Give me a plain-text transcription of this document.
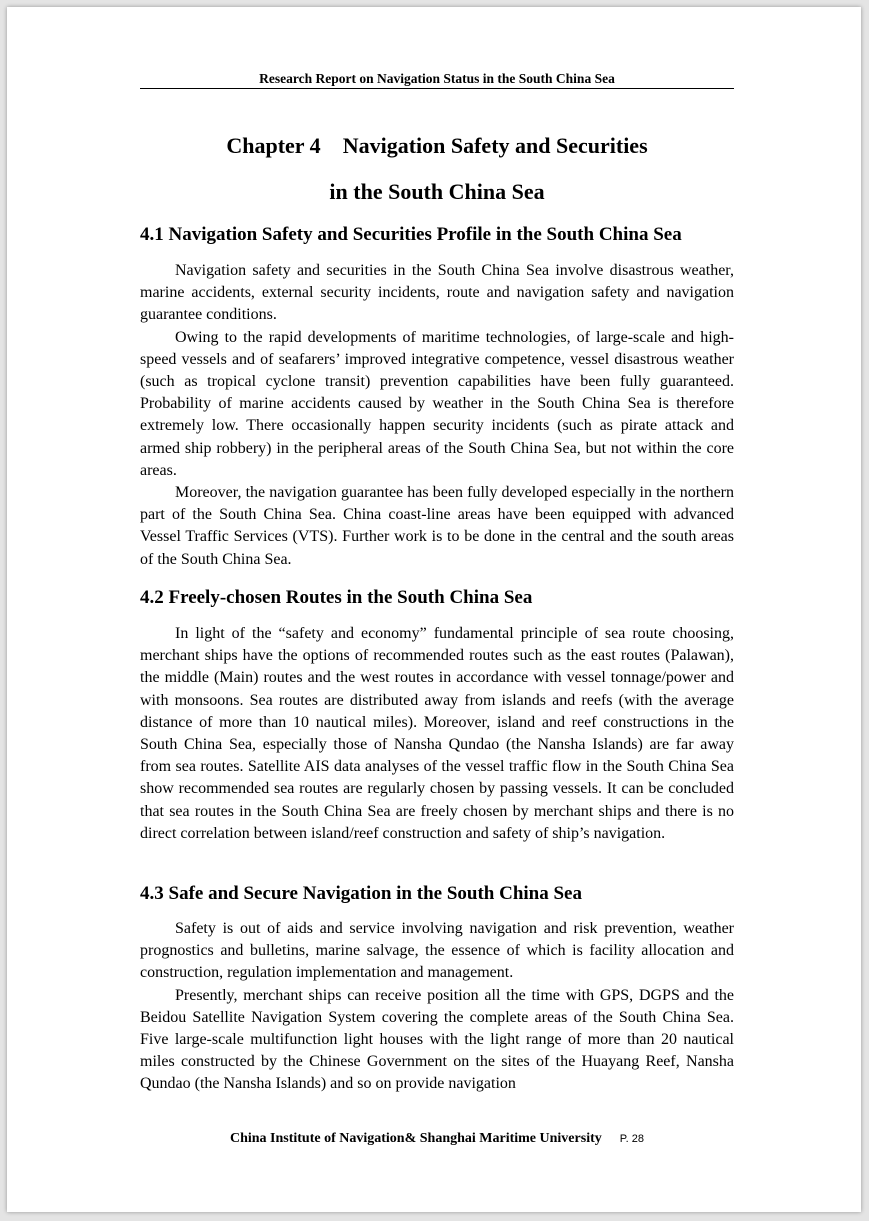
Research Report on Navigation Status in the South China Sea
Chapter 4 Navigation Safety and Securities
in the South China Sea
4.1 Navigation Safety and Securities Profile in the South China Sea

Navigation safety and securities in the South China Sea involve disastrous weather, marine accidents, external security incidents, route and navigation safety and navigation guarantee conditions.

Owing to the rapid developments of maritime technologies, of large-scale and high-speed vessels and of seafarers’ improved integrative competence, vessel disastrous weather (such as tropical cyclone transit) prevention capabilities have been fully guaranteed. Probability of marine accidents caused by weather in the South China Sea is therefore extremely low. There occasionally happen security incidents (such as pirate attack and armed ship robbery) in the peripheral areas of the South China Sea, but not within the core areas.

Moreover, the navigation guarantee has been fully developed especially in the northern part of the South China Sea. China coast-line areas have been equipped with advanced Vessel Traffic Services (VTS). Further work is to be done in the central and the south areas of the South China Sea.

4.2 Freely-chosen Routes in the South China Sea

In light of the “safety and economy” fundamental principle of sea route choosing, merchant ships have the options of recommended routes such as the east routes (Palawan), the middle (Main) routes and the west routes in accordance with vessel tonnage/power and with monsoons. Sea routes are distributed away from islands and reefs (with the average distance of more than 10 nautical miles). Moreover, island and reef constructions in the South China Sea, especially those of Nansha Qundao (the Nansha Islands) are far away from sea routes. Satellite AIS data analyses of the vessel traffic flow in the South China Sea show recommended sea routes are regularly chosen by passing vessels. It can be concluded that sea routes in the South China Sea are freely chosen by merchant ships and there is no direct correlation between island/reef construction and safety of ship’s navigation.

4.3 Safe and Secure Navigation in the South China Sea

Safety is out of aids and service involving navigation and risk prevention, weather prognostics and bulletins, marine salvage, the essence of which is facility allocation and construction, regulation implementation and management.

Presently, merchant ships can receive position all the time with GPS, DGPS and the Beidou Satellite Navigation System covering the complete areas of the South China Sea. Five large-scale multifunction light houses with the light range of more than 20 nautical miles constructed by the Chinese Government on the sites of the Huayang Reef, Nansha Qundao (the Nansha Islands) and so on provide navigation

China Institute of Navigation& Shanghai Maritime University P. 28
